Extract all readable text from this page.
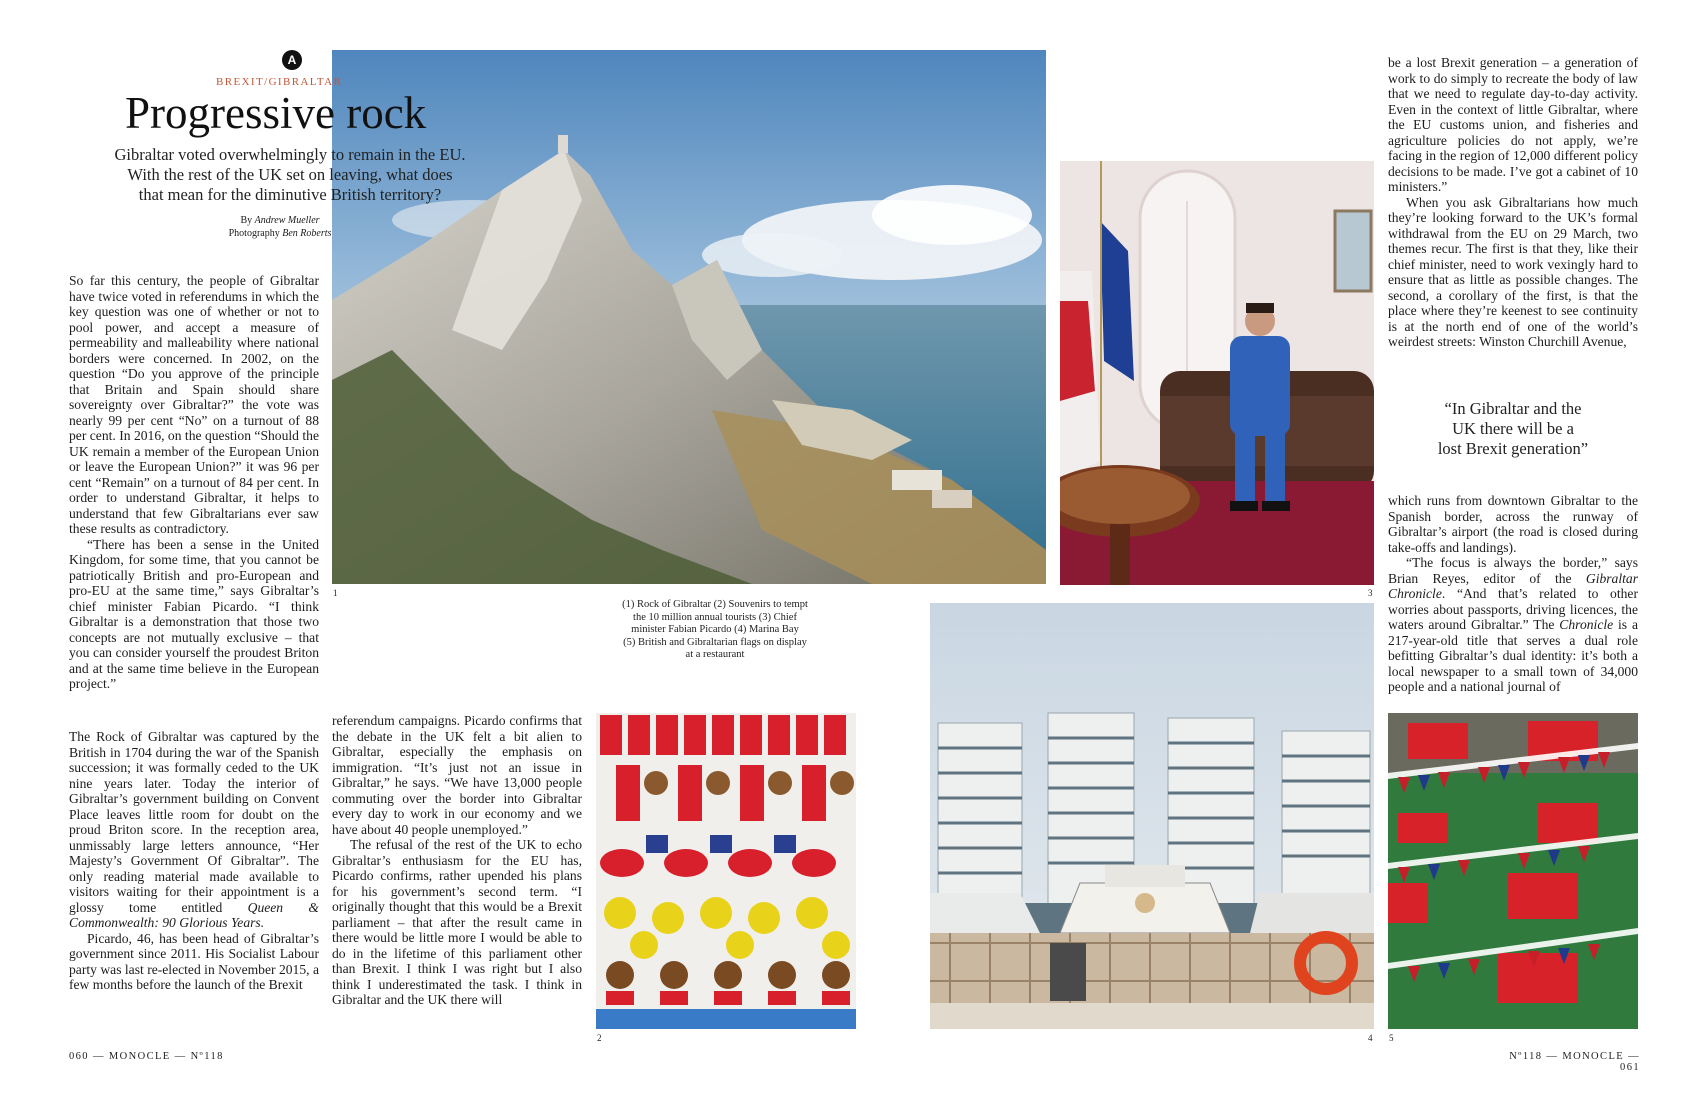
A
BREXIT/GIBRALTAR
Progressive rock
Gibraltar voted overwhelmingly to remain in the EU.
With the rest of the UK set on leaving, what does
that mean for the diminutive British territory?
By Andrew Mueller
Photography Ben Roberts

So far this century, the people of Gibraltar have twice voted in referendums in which the key question was one of whether or not to pool power, and accept a measure of permeability and malleability where national borders were concerned. In 2002, on the question “Do you approve of the principle that Britain and Spain should share sovereignty over Gibraltar?” the vote was nearly 99 per cent “No” on a turnout of 88 per cent. In 2016, on the question “Should the UK remain a member of the European Union or leave the European Union?” it was 96 per cent “Remain” on a turnout of 84 per cent. In order to understand Gibraltar, it helps to understand that few Gibraltarians ever saw these results as contradictory.

“There has been a sense in the United Kingdom, for some time, that you cannot be patriotically British and pro-European and pro-EU at the same time,” says Gibraltar’s chief minister Fabian Picardo. “I think Gibraltar is a demonstration that those two concepts are not mutually exclusive – that you can consider yourself the proudest Briton and at the same time believe in the European project.”

The Rock of Gibraltar was captured by the British in 1704 during the war of the Spanish succession; it was formally ceded to the UK nine years later. Today the interior of Gibraltar’s government building on Convent Place leaves little room for doubt on the proud Briton score. In the reception area, unmissably large letters announce, “Her Majesty’s Government Of Gibraltar”. The only reading material made available to visitors waiting for their appointment is a glossy tome entitled Queen & Commonwealth: 90 Glorious Years.

Picardo, 46, has been head of Gibraltar’s government since 2011. His Socialist Labour party was last re-elected in November 2015, a few months before the launch of the Brexit

referendum campaigns. Picardo confirms that the debate in the UK felt a bit alien to Gibraltar, especially the emphasis on immigration. “It’s just not an issue in Gibraltar,” he says. “We have 13,000 people commuting over the border into Gibraltar every day to work in our economy and we have about 40 people unemployed.”

The refusal of the rest of the UK to echo Gibraltar’s enthusiasm for the EU has, Picardo confirms, rather upended his plans for his government’s second term. “I originally thought that this would be a Brexit parliament – that after the result came in there would be little more I would be able to do in the lifetime of this parliament other than Brexit. I think I was right but I also think I underestimated the task. I think in Gibraltar and the UK there will

be a lost Brexit generation – a generation of work to do simply to recreate the body of law that we need to regulate day-to-day activity. Even in the context of little Gibraltar, where the EU customs union, and fisheries and agriculture policies do not apply, we’re facing in the region of 12,000 different policy decisions to be made. I’ve got a cabinet of 10 ministers.”

When you ask Gibraltarians how much they’re looking forward to the UK’s formal withdrawal from the EU on 29 March, two themes recur. The first is that they, like their chief minister, need to work vexingly hard to ensure that as little as possible changes. The second, a corollary of the first, is that the place where they’re keenest to see continuity is at the north end of one of the world’s weirdest streets: Winston Churchill Avenue,

“In Gibraltar and the
UK there will be a
lost Brexit generation”

which runs from downtown Gibraltar to the Spanish border, across the runway of Gibraltar’s airport (the road is closed during take-offs and landings).

“The focus is always the border,” says Brian Reyes, editor of the Gibraltar Chronicle. “And that’s related to other worries about passports, driving licences, the waters around Gibraltar.” The Chronicle is a 217-year-old title that serves a dual role befitting Gibraltar’s dual identity: it’s both a local newspaper to a small town of 34,000 people and a national journal of

1
(1) Rock of Gibraltar (2) Souvenirs to tempt
the 10 million annual tourists (3) Chief
minister Fabian Picardo (4) Marina Bay
(5) British and Gibraltarian flags on display
at a restaurant
3
2	4 5
060 — MONOCLE — Nº118	Nº118 — MONOCLE — 061
